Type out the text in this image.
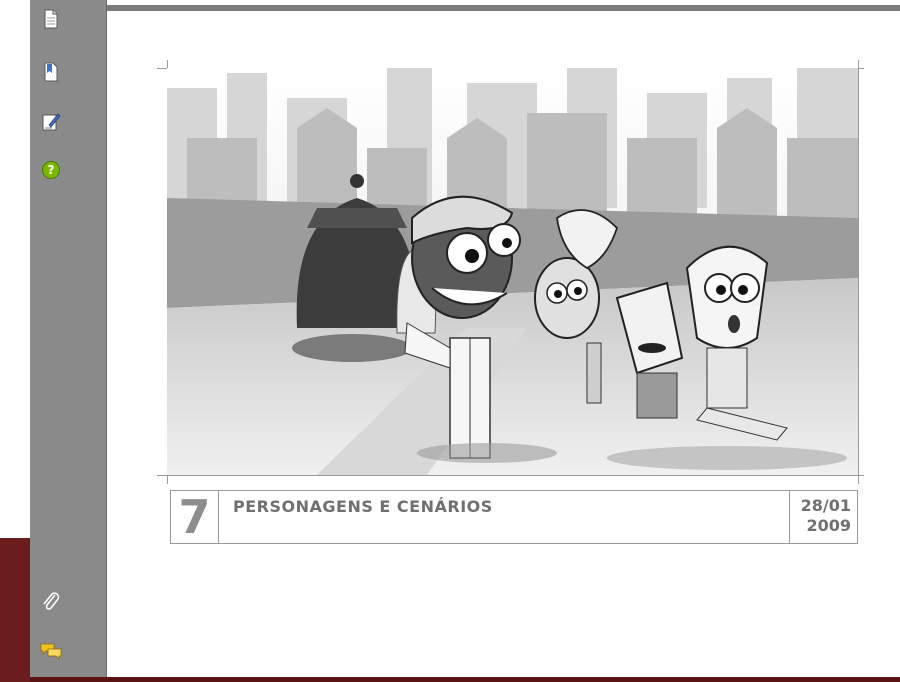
?
7	PERSONAGENS E CENÁRIOS	28/01
2009
